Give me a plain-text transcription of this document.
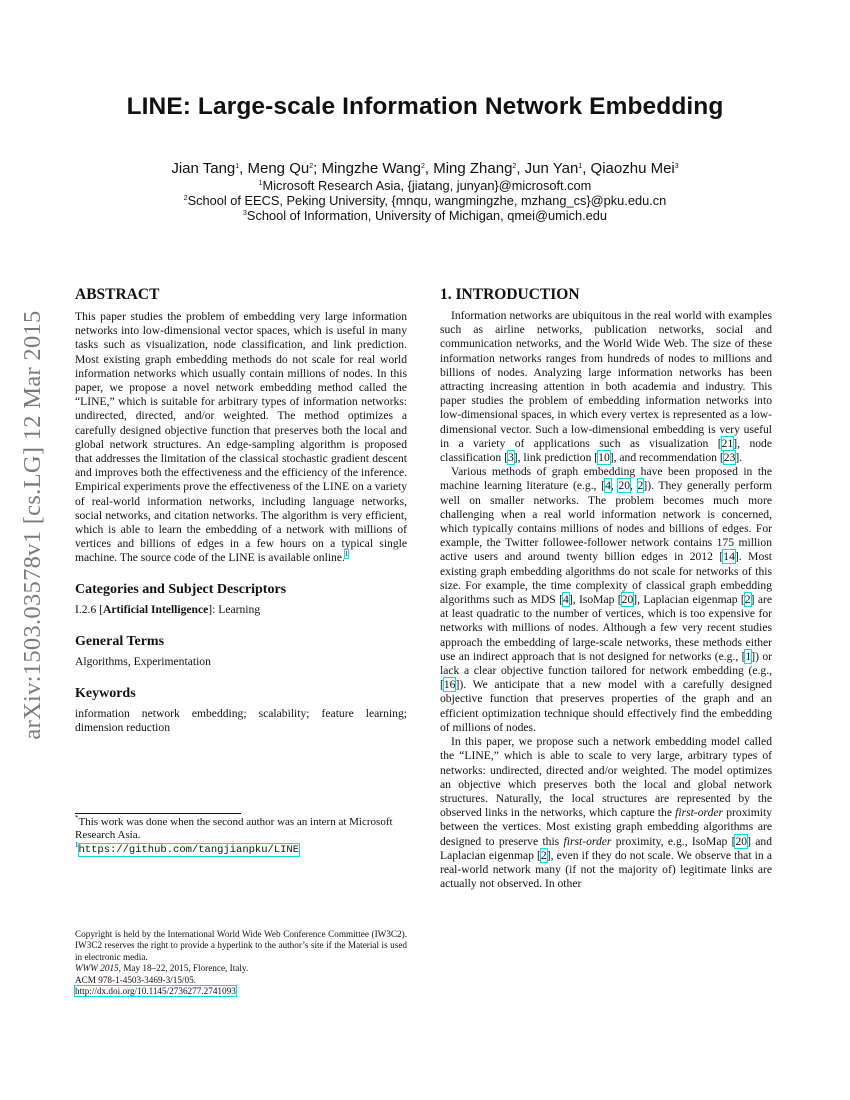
LINE: Large-scale Information Network Embedding
Jian Tang$^1$, Meng Qu$^2$; Mingzhe Wang$^2$, Ming Zhang$^2$, Jun Yan$^1$, Qiaozhu Mei$^3$
$^1$Microsoft Research Asia, {jiatang, junyan}@microsoft.com
$^2$School of EECS, Peking University, {mnqu, wangmingzhe, mzhang_cs}@pku.edu.cn
$^3$School of Information, University of Michigan, qmei@umich.edu
arXiv:1503.03578v1 [cs.LG] 12 Mar 2015
ABSTRACT

This paper studies the problem of embedding very large information networks into low-dimensional vector spaces, which is useful in many tasks such as visualization, node classification, and link prediction. Most existing graph embedding methods do not scale for real world information networks which usually contain millions of nodes. In this paper, we propose a novel network embedding method called the “LINE,” which is suitable for arbitrary types of information networks: undirected, directed, and/or weighted. The method optimizes a carefully designed objective function that preserves both the local and global network structures. An edge-sampling algorithm is proposed that addresses the limitation of the classical stochastic gradient descent and improves both the effectiveness and the efficiency of the inference. Empirical experiments prove the effectiveness of the LINE on a variety of real-world information networks, including language networks, social networks, and citation networks. The algorithm is very efficient, which is able to learn the embedding of a network with millions of vertices and billions of edges in a few hours on a typical single machine. The source code of the LINE is available online.$^1$

Categories and Subject Descriptors

I.2.6 [Artificial Intelligence]: Learning

General Terms

Algorithms, Experimentation

Keywords

information network embedding; scalability; feature learning; dimension reduction

*This work was done when the second author was an intern at Microsoft Research Asia.

$^1$https://github.com/tangjianpku/LINE

Copyright is held by the International World Wide Web Conference Committee (IW3C2). IW3C2 reserves the right to provide a hyperlink to the author’s site if the Material is used in electronic media.

WWW 2015, May 18–22, 2015, Florence, Italy.

ACM 978-1-4503-3469-3/15/05.

http://dx.doi.org/10.1145/2736277.2741093

1. INTRODUCTION

Information networks are ubiquitous in the real world with examples such as airline networks, publication networks, social and communication networks, and the World Wide Web. The size of these information networks ranges from hundreds of nodes to millions and billions of nodes. Analyzing large information networks has been attracting increasing attention in both academia and industry. This paper studies the problem of embedding information networks into low-dimensional spaces, in which every vertex is represented as a low-dimensional vector. Such a low-dimensional embedding is very useful in a variety of applications such as visualization [21], node classification [3], link prediction [10], and recommendation [23].

Various methods of graph embedding have been proposed in the machine learning literature (e.g., [4, 20, 2]). They generally perform well on smaller networks. The problem becomes much more challenging when a real world information network is concerned, which typically contains millions of nodes and billions of edges. For example, the Twitter followee-follower network contains 175 million active users and around twenty billion edges in 2012 [14]. Most existing graph embedding algorithms do not scale for networks of this size. For example, the time complexity of classical graph embedding algorithms such as MDS [4], IsoMap [20], Laplacian eigenmap [2] are at least quadratic to the number of vertices, which is too expensive for networks with millions of nodes. Although a few very recent studies approach the embedding of large-scale networks, these methods either use an indirect approach that is not designed for networks (e.g., [1]) or lack a clear objective function tailored for network embedding (e.g., [16]). We anticipate that a new model with a carefully designed objective function that preserves properties of the graph and an efficient optimization technique should effectively find the embedding of millions of nodes.

In this paper, we propose such a network embedding model called the “LINE,” which is able to scale to very large, arbitrary types of networks: undirected, directed and/or weighted. The model optimizes an objective which preserves both the local and global network structures. Naturally, the local structures are represented by the observed links in the networks, which capture the first-order proximity between the vertices. Most existing graph embedding algorithms are designed to preserve this first-order proximity, e.g., IsoMap [20] and Laplacian eigenmap [2], even if they do not scale. We observe that in a real-world network many (if not the majority of) legitimate links are actually not observed. In other
